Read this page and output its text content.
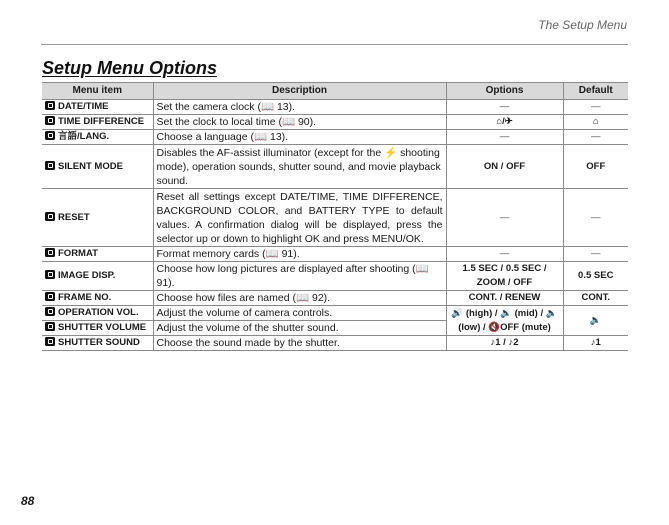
The Setup Menu
Setup Menu Options
Menu item	Description	Options	Default
DATE/TIME	Set the camera clock (📖 13).	—	—
TIME DIFFERENCE	Set the clock to local time (📖 90).	⌂/✈	⌂
言語/LANG.	Choose a language (📖 13).	—	—
SILENT MODE	Disables the AF-assist illuminator (except for the ⚡ shooting mode), operation sounds, shutter sound, and movie playback sound.	ON / OFF	OFF
RESET	Reset all settings except DATE/TIME, TIME DIFFERENCE, BACKGROUND COLOR, and BATTERY TYPE to default values. A confirmation dialog will be displayed, press the selector up or down to highlight OK and press MENU/OK.	—	—
FORMAT	Format memory cards (📖 91).	—	—
IMAGE DISP.	Choose how long pictures are displayed after shooting (📖 91).	1.5 SEC / 0.5 SEC / ZOOM / OFF	0.5 SEC
FRAME NO.	Choose how files are named (📖 92).	CONT. / RENEW	CONT.
OPERATION VOL.	Adjust the volume of camera controls.	🔊 (high) / 🔉 (mid) / 🔈 (low) / 🔇OFF (mute)	🔉
SHUTTER VOLUME	Adjust the volume of the shutter sound.		
SHUTTER SOUND	Choose the sound made by the shutter.	♪1 / ♪2	♪1
88
